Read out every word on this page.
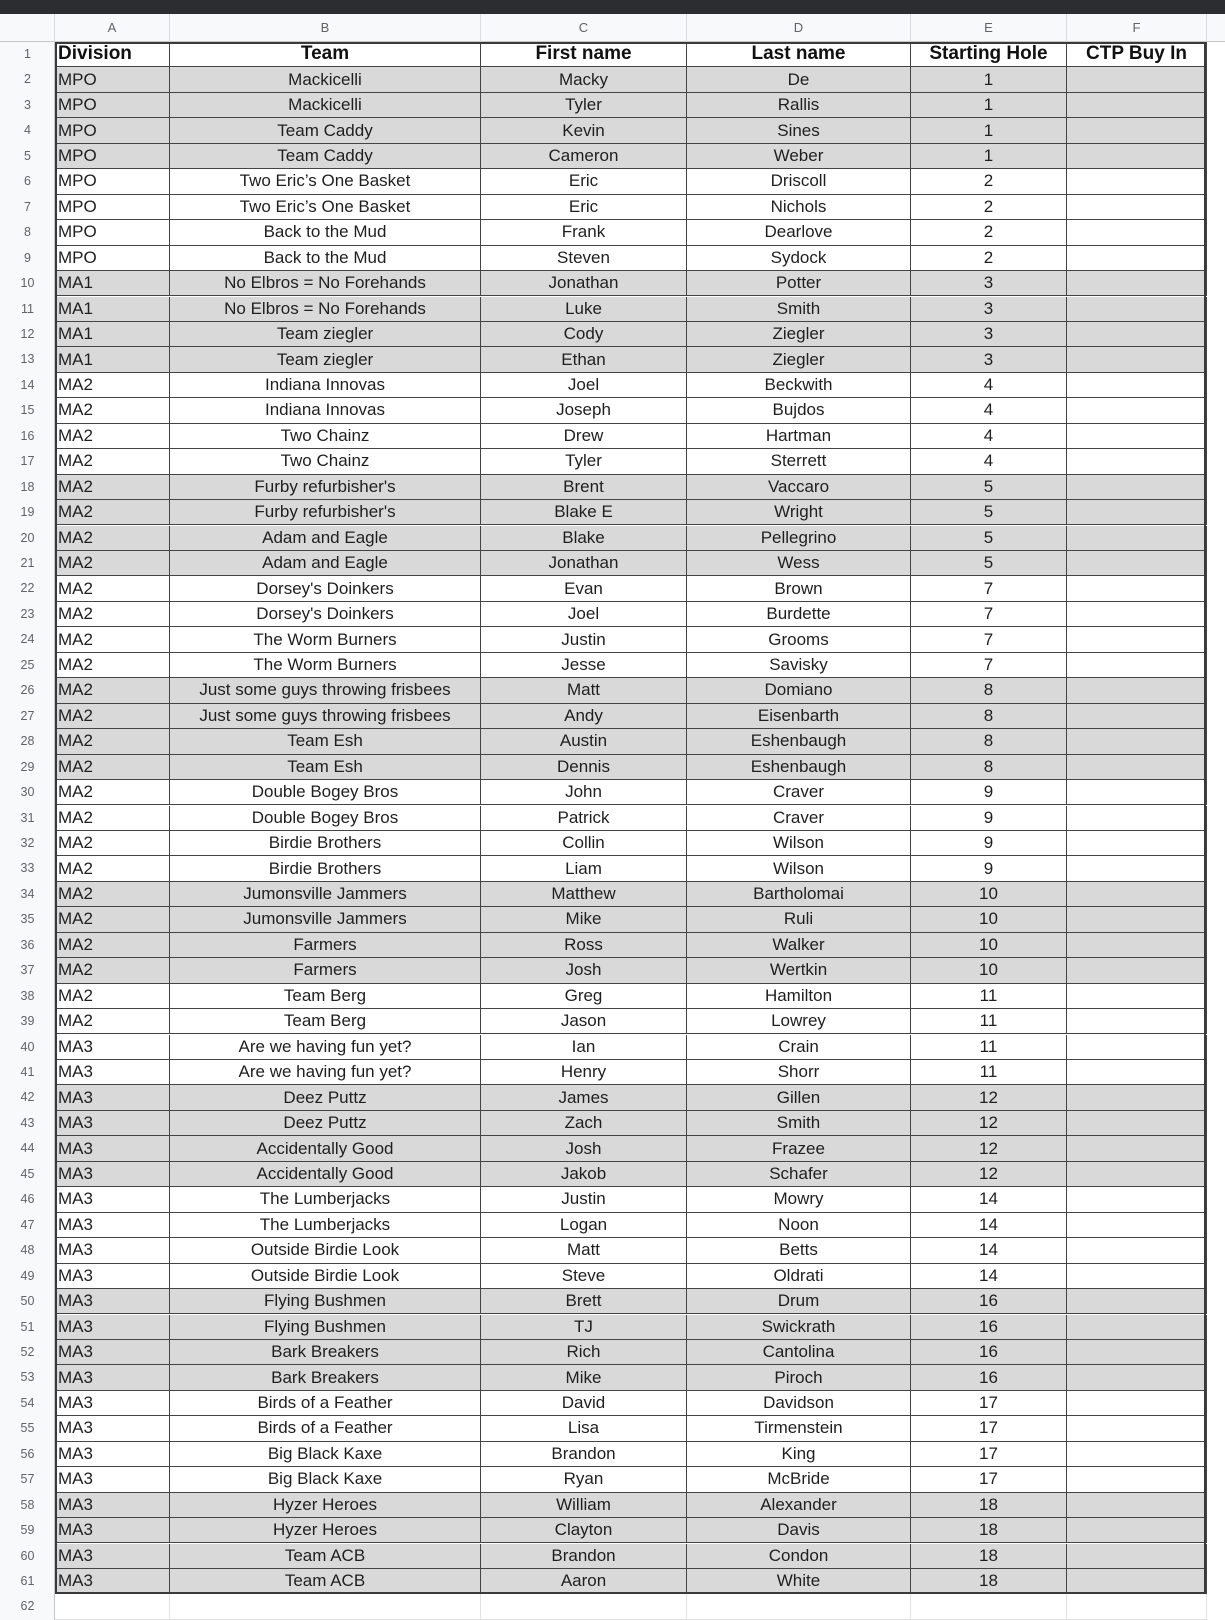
A	B	C	D	E	F
1
2
3
4
5
6
7
8
9
10
11
12
13
14
15
16
17
18
19
20
21
22
23
24
25
26
27
28
29
30
31
32
33
34
35
36
37
38
39
40
41
42
43
44
45
46
47
48
49
50
51
52
53
54
55
56
57
58
59
60
61
62
Division	Team	First name	Last name	Starting Hole	CTP Buy In
MPO	Mackicelli	Macky	De	1
MPO	Mackicelli	Tyler	Rallis	1
MPO	Team Caddy	Kevin	Sines	1
MPO	Team Caddy	Cameron	Weber	1
MPO	Two Eric’s One Basket	Eric	Driscoll	2
MPO	Two Eric’s One Basket	Eric	Nichols	2
MPO	Back to the Mud	Frank	Dearlove	2
MPO	Back to the Mud	Steven	Sydock	2
MA1	No Elbros = No Forehands	Jonathan	Potter	3
MA1	No Elbros = No Forehands	Luke	Smith	3
MA1	Team ziegler	Cody	Ziegler	3
MA1	Team ziegler	Ethan	Ziegler	3
MA2	Indiana Innovas	Joel	Beckwith	4
MA2	Indiana Innovas	Joseph	Bujdos	4
MA2	Two Chainz	Drew	Hartman	4
MA2	Two Chainz	Tyler	Sterrett	4
MA2	Furby refurbisher's	Brent	Vaccaro	5
MA2	Furby refurbisher's	Blake E	Wright	5
MA2	Adam and Eagle	Blake	Pellegrino	5
MA2	Adam and Eagle	Jonathan	Wess	5
MA2	Dorsey's Doinkers	Evan	Brown	7
MA2	Dorsey's Doinkers	Joel	Burdette	7
MA2	The Worm Burners	Justin	Grooms	7
MA2	The Worm Burners	Jesse	Savisky	7
MA2	Just some guys throwing frisbees	Matt	Domiano	8
MA2	Just some guys throwing frisbees	Andy	Eisenbarth	8
MA2	Team Esh	Austin	Eshenbaugh	8
MA2	Team Esh	Dennis	Eshenbaugh	8
MA2	Double Bogey Bros	John	Craver	9
MA2	Double Bogey Bros	Patrick	Craver	9
MA2	Birdie Brothers	Collin	Wilson	9
MA2	Birdie Brothers	Liam	Wilson	9
MA2	Jumonsville Jammers	Matthew	Bartholomai	10
MA2	Jumonsville Jammers	Mike	Ruli	10
MA2	Farmers	Ross	Walker	10
MA2	Farmers	Josh	Wertkin	10
MA2	Team Berg	Greg	Hamilton	11
MA2	Team Berg	Jason	Lowrey	11
MA3	Are we having fun yet?	Ian	Crain	11
MA3	Are we having fun yet?	Henry	Shorr	11
MA3	Deez Puttz	James	Gillen	12
MA3	Deez Puttz	Zach	Smith	12
MA3	Accidentally Good	Josh	Frazee	12
MA3	Accidentally Good	Jakob	Schafer	12
MA3	The Lumberjacks	Justin	Mowry	14
MA3	The Lumberjacks	Logan	Noon	14
MA3	Outside Birdie Look	Matt	Betts	14
MA3	Outside Birdie Look	Steve	Oldrati	14
MA3	Flying Bushmen	Brett	Drum	16
MA3	Flying Bushmen	TJ	Swickrath	16
MA3	Bark Breakers	Rich	Cantolina	16
MA3	Bark Breakers	Mike	Piroch	16
MA3	Birds of a Feather	David	Davidson	17
MA3	Birds of a Feather	Lisa	Tirmenstein	17
MA3	Big Black Kaxe	Brandon	King	17
MA3	Big Black Kaxe	Ryan	McBride	17
MA3	Hyzer Heroes	William	Alexander	18
MA3	Hyzer Heroes	Clayton	Davis	18
MA3	Team ACB	Brandon	Condon	18
MA3	Team ACB	Aaron	White	18
